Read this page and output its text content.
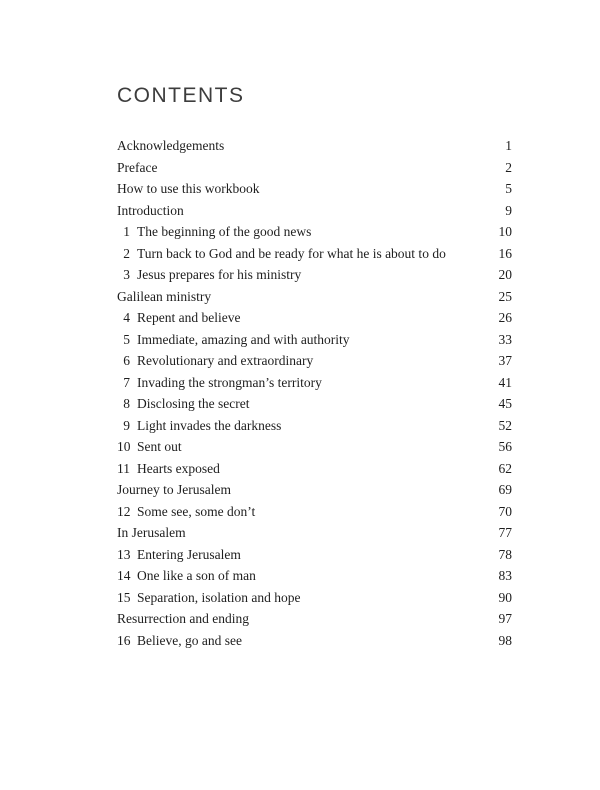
CONTENTS
Acknowledgements	1
Preface	2
How to use this workbook	5
Introduction	9
1 The beginning of the good news	10
2 Turn back to God and be ready for what he is about to do	16
3 Jesus prepares for his ministry	20
Galilean ministry	25
4 Repent and believe	26
5 Immediate, amazing and with authority	33
6 Revolutionary and extraordinary	37
7 Invading the strongman’s territory	41
8 Disclosing the secret	45
9 Light invades the darkness	52
10 Sent out	56
11 Hearts exposed	62
Journey to Jerusalem	69
12 Some see, some don’t	70
In Jerusalem	77
13 Entering Jerusalem	78
14 One like a son of man	83
15 Separation, isolation and hope	90
Resurrection and ending	97
16 Believe, go and see	98
